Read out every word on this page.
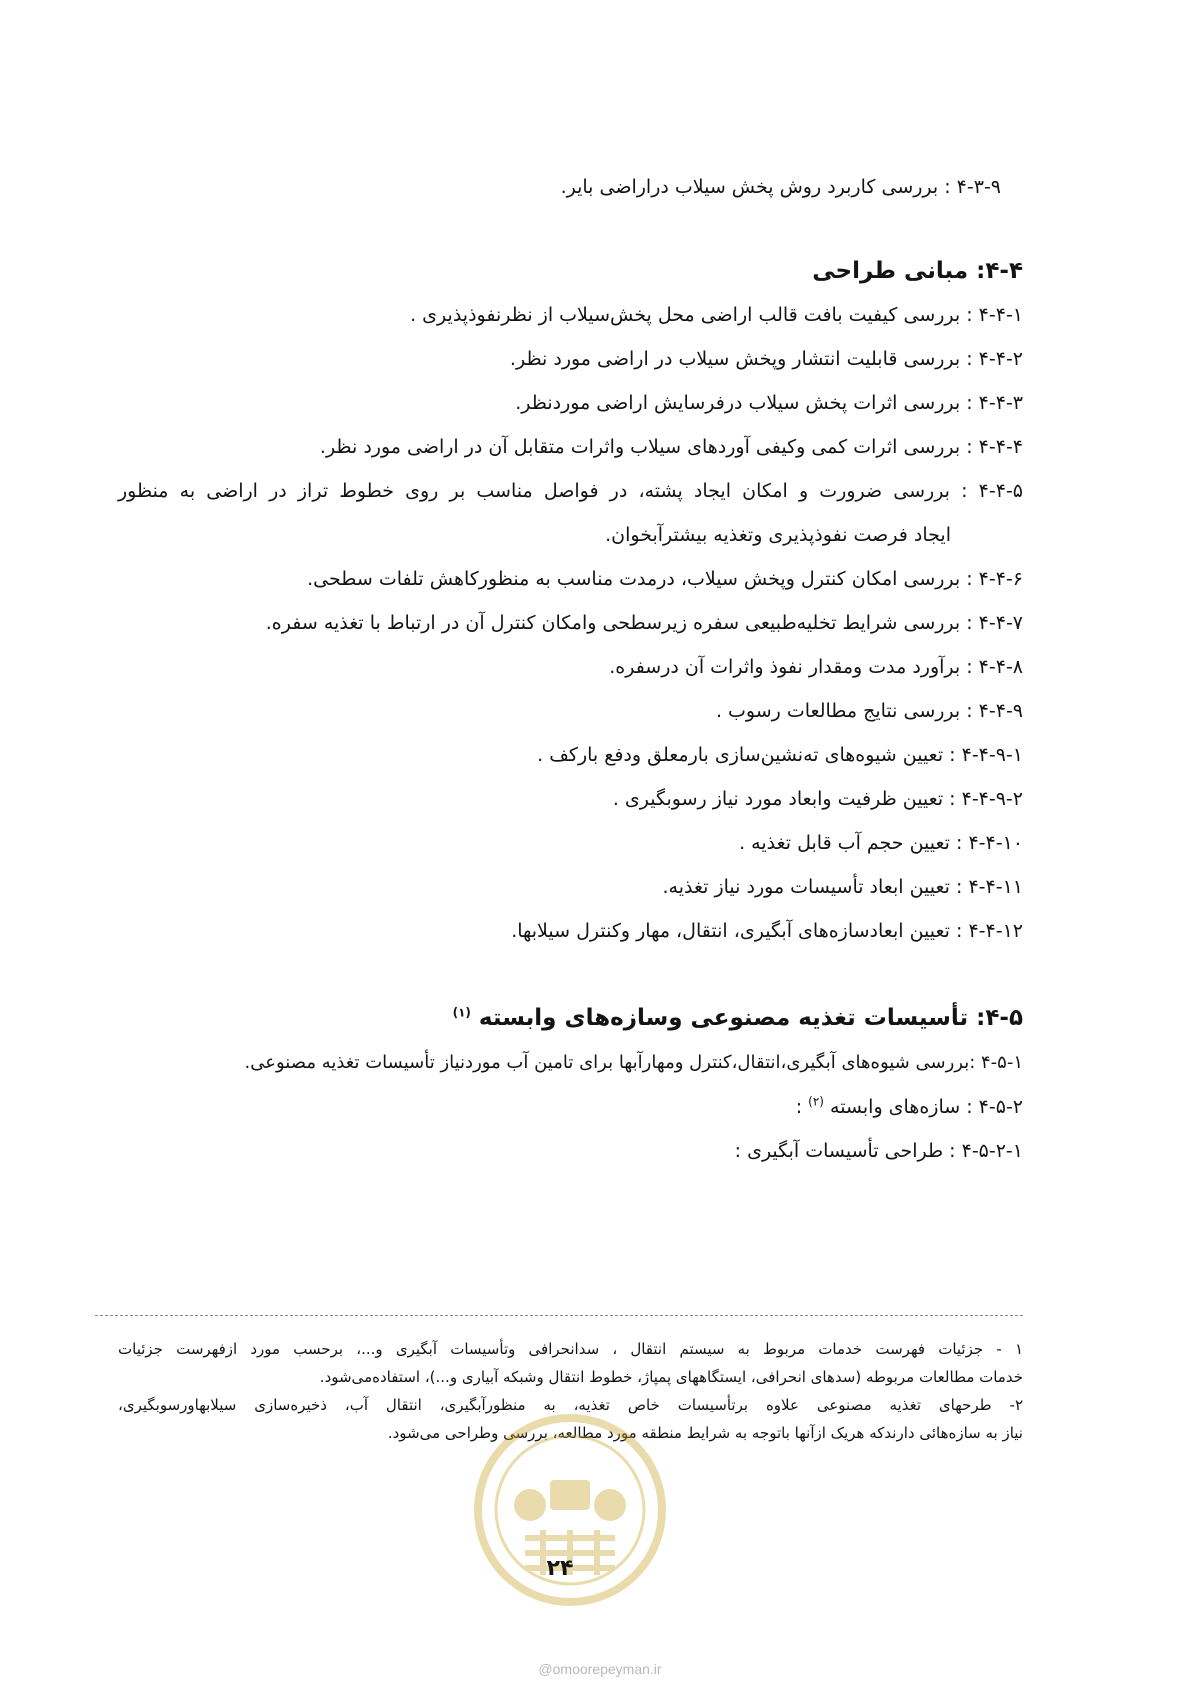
۴-۳-۹ : بررسی کاربرد روش پخش سیلاب دراراضی بایر.
۴-۴: مبانی طراحی
۴-۴-۱ : بررسی کیفیت بافت قالب اراضی محل پخش‌سیلاب از نظرنفوذپذیری .
۴-۴-۲ : بررسی قابلیت انتشار وپخش سیلاب در اراضی مورد نظر.
۴-۴-۳ : بررسی اثرات پخش سیلاب درفرسایش اراضی موردنظر.
۴-۴-۴ : بررسی اثرات کمی وکیفی آوردهای سیلاب واثرات متقابل آن در اراضی مورد نظر.
۴-۴-۵ : بررسی ضرورت و امکان ایجاد پشته، در فواصل مناسب بر روی خطوط تراز در اراضی به منظور
ایجاد فرصت نفوذپذیری وتغذیه بیشترآبخوان.
۴-۴-۶ : بررسی امکان کنترل وپخش سیلاب، درمدت مناسب به منظورکاهش تلفات سطحی.
۴-۴-۷ : بررسی شرایط تخلیه‌طبیعی سفره زیرسطحی وامکان کنترل آن در ارتباط با تغذیه سفره.
۴-۴-۸ : برآورد مدت ومقدار نفوذ واثرات آن درسفره.
۴-۴-۹ : بررسی نتایج مطالعات رسوب .
۴-۴-۹-۱ : تعیین شیوه‌های ته‌نشین‌سازی بارمعلق ودفع بارکف .
۴-۴-۹-۲ : تعیین ظرفیت وابعاد مورد نیاز رسوبگیری .
۴-۴-۱۰ : تعیین حجم آب قابل تغذیه .
۴-۴-۱۱ : تعیین ابعاد تأسیسات مورد نیاز تغذیه.
۴-۴-۱۲ : تعیین ابعادسازه‌های آبگیری، انتقال، مهار وکنترل سیلابها.
۴-۵: تأسیسات تغذیه مصنوعی وسازه‌های وابسته $^{(۱)}$
۴-۵-۱ :بررسی شیوه‌های آبگیری،انتقال،کنترل ومهارآبها برای تامین آب موردنیاز تأسیسات تغذیه مصنوعی.
۴-۵-۲ : سازه‌های وابسته $^{(۲)}$ :
۴-۵-۲-۱ : طراحی تأسیسات آبگیری :
۱ - جزئیات فهرست خدمات مربوط به سیستم انتقال ، سدانحرافی وتأسیسات آبگیری و...، برحسب مورد ازفهرست جزئیات
خدمات مطالعات مربوطه (سدهای انحرافی، ایستگاههای پمپاژ، خطوط انتقال وشبکه آبیاری و...)، استفاده‌می‌شود.
۲- طرحهای تغذیه مصنوعی علاوه برتأسیسات خاص تغذیه، به منظورآبگیری، انتقال آب، ذخیره‌سازی سیلابهاورسوبگیری،
نیاز به سازه‌هائی دارندکه هریک ازآنها باتوجه به شرایط منطقه مورد مطالعه، بررسی وطراحی می‌شود.
۲۴
@omoorepeyman.ir
